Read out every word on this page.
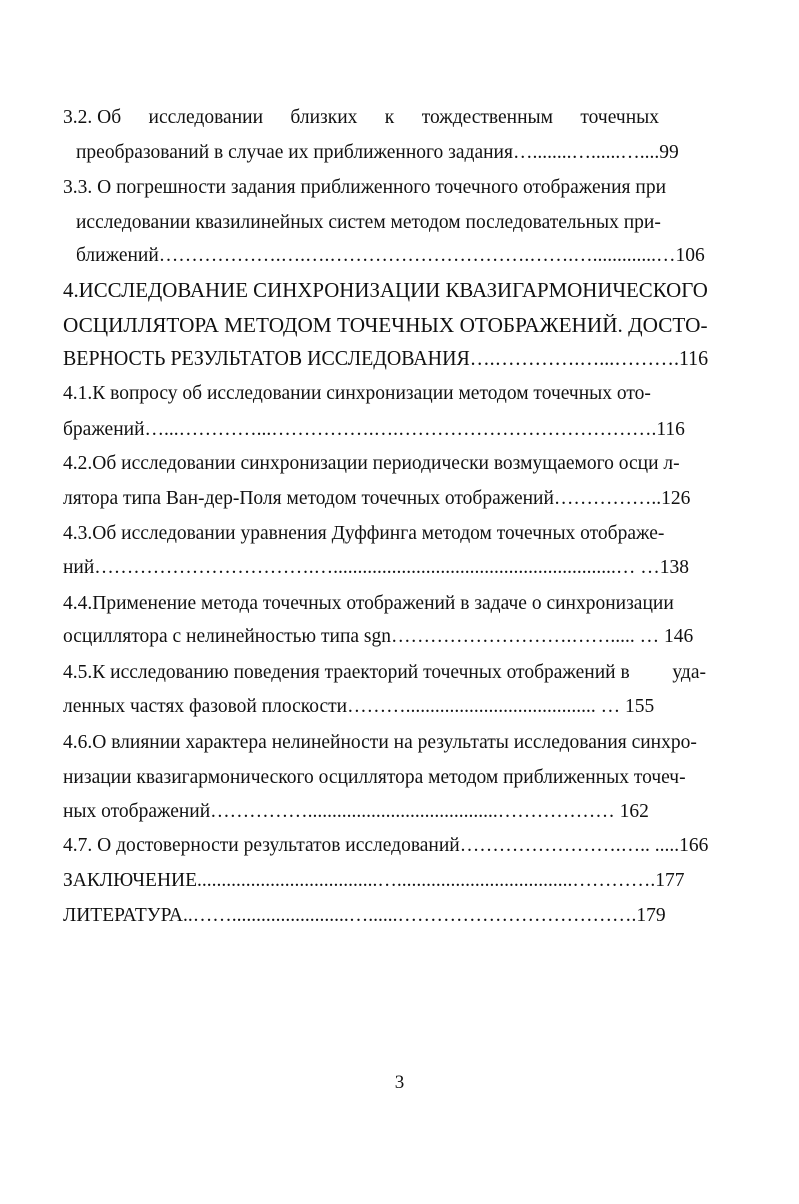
3.2. Об исследовании близких к тождественным точечных
преобразований в случае их приближенного задания…........…......…....99
3.3. О погрешности задания приближенного точечного отображения при
исследовании квазилинейных систем методом последовательных при-
ближений……………….….….………………………….…….….............…106
4.ИССЛЕДОВАНИЕ СИНХРОНИЗАЦИИ КВАЗИГАРМОНИЧЕСКОГО
ОСЦИЛЛЯТОРА МЕТОДОМ ТОЧЕЧНЫХ ОТОБРАЖЕНИЙ. ДОСТО-
ВЕРНОСТЬ РЕЗУЛЬТАТОВ ИССЛЕДОВАНИЯ….………….…...……….116
4.1.К вопросу об исследовании синхронизации методом точечных ото-
бражений…...…………...…………….….………………………………….116
4.2.Об исследовании синхронизации периодически возмущаемого осци л-
лятора типа Ван-дер-Поля методом точечных отображений……………..126
4.3.Об исследовании уравнения Дуффинга методом точечных отображе-
ний…………………………….…..........................................................… …138
4.4.Применение метода точечных отображений в задаче о синхронизации
осциллятора с нелинейностью типа sgn……………………….……..... … 146
4.5.К исследованию поведения траекторий точечных отображений в уда-
ленных частях фазовой плоскости………....................................... … 155
4.6.О влиянии характера нелинейности на результаты исследования синхро-
низации квазигармонического осциллятора методом приближенных точеч-
ных отображений…………….......................................……………… 162
4.7. О достоверности результатов исследований…………………….….. .....166
ЗАКЛЮЧЕНИЕ.....................................…....................................………….177
ЛИТЕРАТУРА..……........................…......……………………………….179
3
